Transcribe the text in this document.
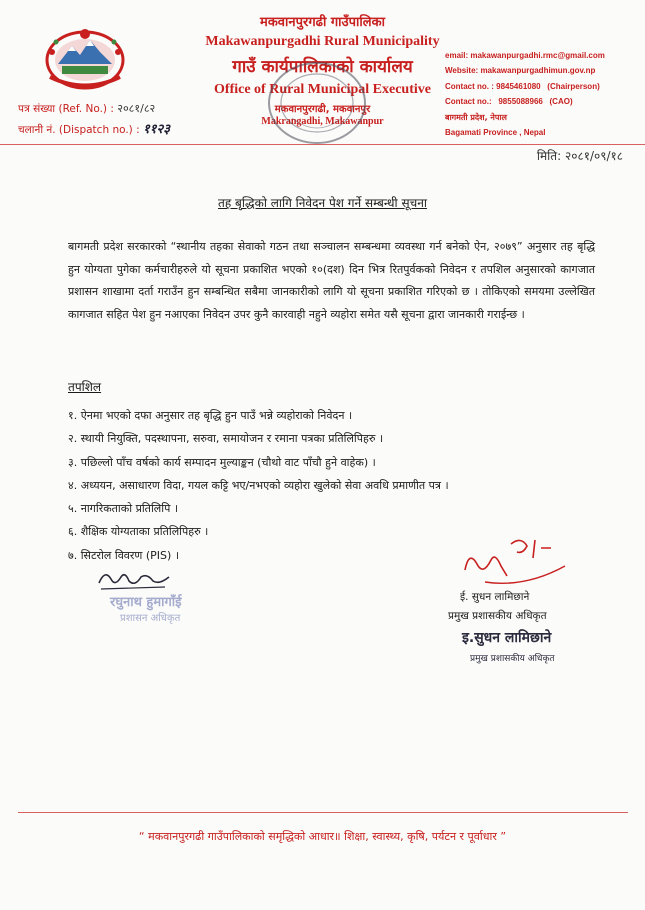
मकवानपुरगढी गाउँपालिका
Makawanpurgadhi Rural Municipality
गाउँ कार्यपालिकाको कार्यालय
Office of Rural Municipal Executive
मकवानपुरगढी, मकवानपुर
Makrangadhi, Makawanpur
email: makawanpurgadhi.rmc@gmail.com
Website: makawanpurgadhimun.gov.np
Contact no. : 9845461080 (Chairperson)
Contact no.: 9855088966 (CAO)
बागमती प्रदेश, नेपाल
Bagamati Province , Nepal
पत्र संख्या (Ref. No.) : २०८१/८२
चलानी नं. (Dispatch no.) : ११२३
मिति: २०८१/०९/१८
तह बृद्धिको लागि निवेदन पेश गर्ने सम्बन्धी सूचना
बागमती प्रदेश सरकारको “स्थानीय तहका सेवाको गठन तथा सञ्चालन सम्बन्धमा व्यवस्था गर्न बनेको ऐन, २०७९” अनुसार तह बृद्धि हुन योग्यता पुगेका कर्मचारीहरुले यो सूचना प्रकाशित भएको १०(दश) दिन भित्र रितपुर्वकको निवेदन र तपशिल अनुसारको कागजात प्रशासन शाखामा दर्ता गराउँन हुन सम्बन्धित सबैमा जानकारीको लागि यो सूचना प्रकाशित गरिएको छ । तोकिएको समयमा उल्लेखित कागजात सहित पेश हुन नआएका निवेदन उपर कुनै कारवाही नहुने व्यहोरा समेत यसै सूचना द्वारा जानकारी गराईन्छ ।
तपशिल
१. ऐनमा भएको दफा अनुसार तह बृद्धि हुन पाउँ भन्ने व्यहोराको निवेदन ।
२. स्थायी नियुक्ति, पदस्थापना, सरुवा, समायोजन र रमाना पत्रका प्रतिलिपिहरु ।
३. पछिल्लो पाँच वर्षको कार्य सम्पादन मुल्याङ्कन (चौथो वाट पाँचौ हुने वाहेक) ।
४. अध्ययन, असाधारण विदा, गयल कट्टि भए/नभएको व्यहोरा खुलेको सेवा अवधि प्रमाणीत पत्र ।
५. नागरिकताको प्रतिलिपि ।
६. शैक्षिक योग्यताका प्रतिलिपिहरु ।
७. सिटरोल विवरण (PIS) ।
रघुनाथ हुमागाँई
प्रशासन अधिकृत
ई. सुधन लामिछाने
प्रमुख प्रशासकीय अधिकृत
इ.सुधन लामिछाने
प्रमुख प्रशासकीय अधिकृत
“ मकवानपुरगढी गाउँपालिकाको समृद्धिको आधार॥ शिक्षा, स्वास्थ्य, कृषि, पर्यटन र पूर्वाधार ”
